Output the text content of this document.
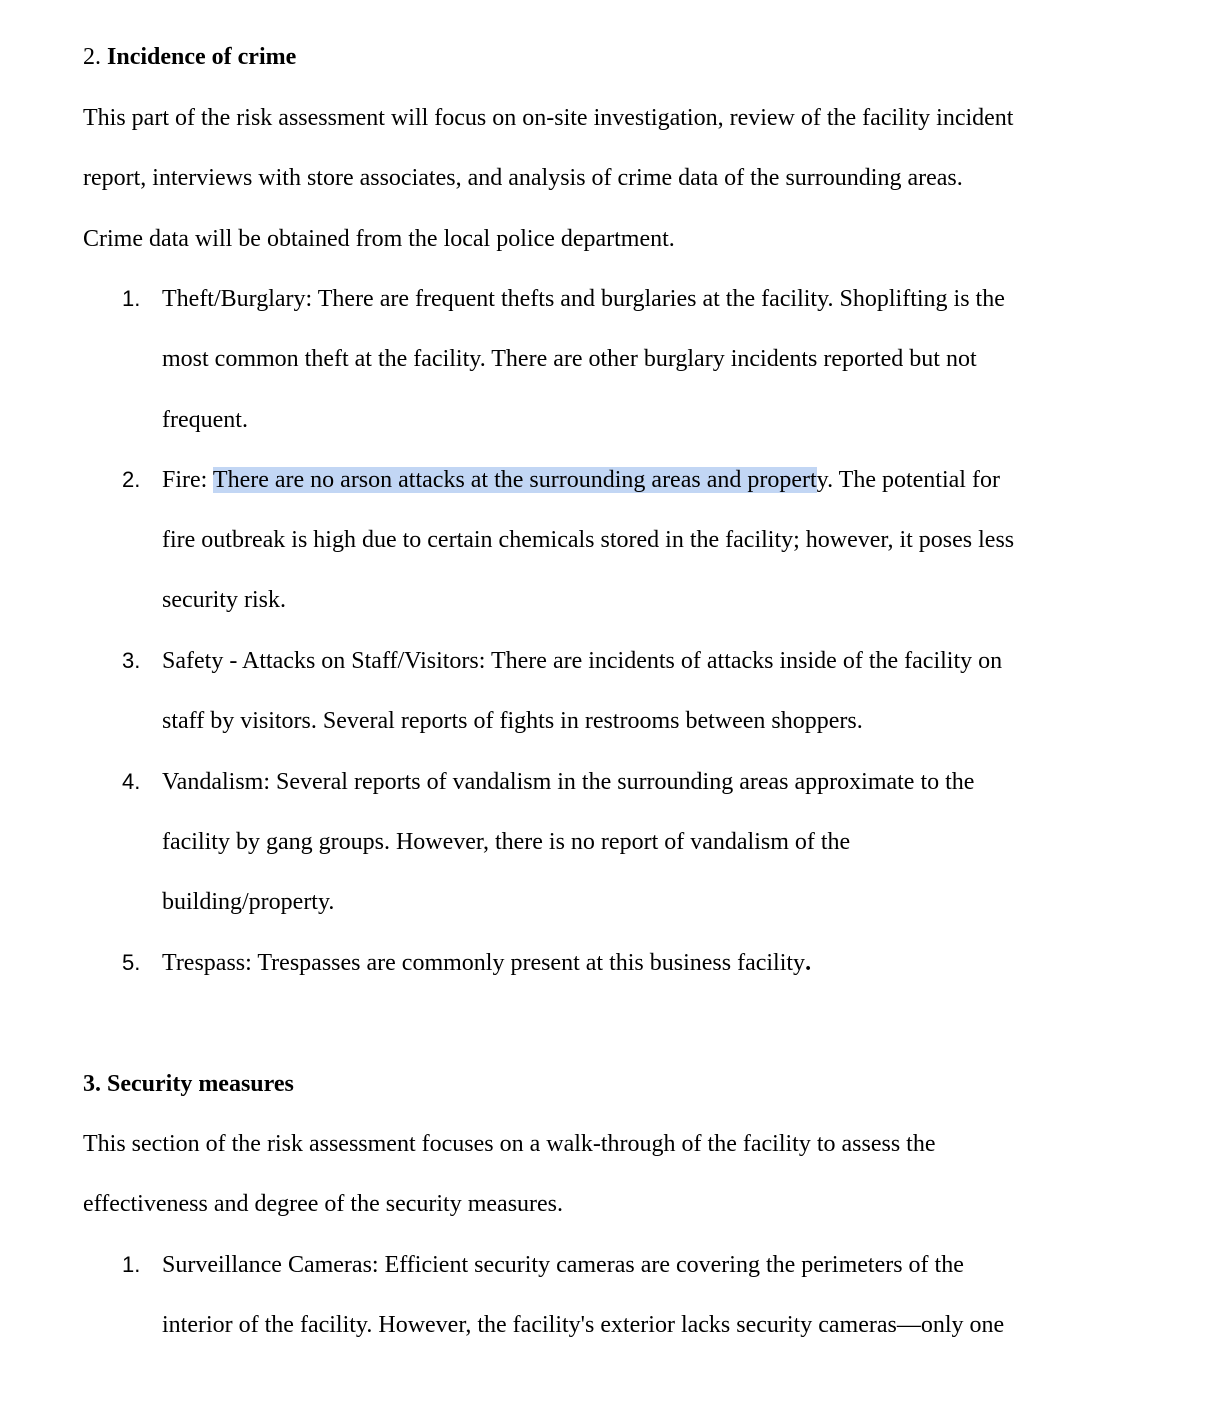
2. Incidence of crime
This part of the risk assessment will focus on on-site investigation, review of the facility incident
report, interviews with store associates, and analysis of crime data of the surrounding areas.
Crime data will be obtained from the local police department.
1. Theft/Burglary: There are frequent thefts and burglaries at the facility. Shoplifting is the
most common theft at the facility. There are other burglary incidents reported but not
frequent.
2. Fire: There are no arson attacks at the surrounding areas and property. The potential for
fire outbreak is high due to certain chemicals stored in the facility; however, it poses less
security risk.
3. Safety - Attacks on Staff/Visitors: There are incidents of attacks inside of the facility on
staff by visitors. Several reports of fights in restrooms between shoppers.
4. Vandalism: Several reports of vandalism in the surrounding areas approximate to the
facility by gang groups. However, there is no report of vandalism of the
building/property.
5. Trespass: Trespasses are commonly present at this business facility.
3. Security measures
This section of the risk assessment focuses on a walk-through of the facility to assess the
effectiveness and degree of the security measures.
1. Surveillance Cameras: Efficient security cameras are covering the perimeters of the
interior of the facility. However, the facility's exterior lacks security cameras—only one
